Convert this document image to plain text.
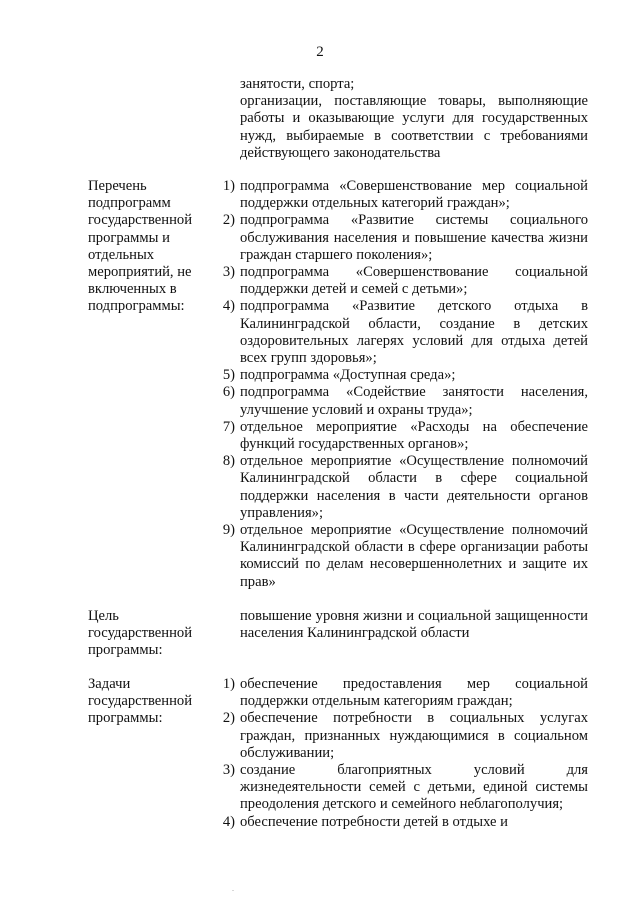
2

занятости, спорта;

организации, поставляющие товары, выполняющие работы и оказывающие услуги для государственных нужд, выбираемые в соответствии с требованиями действующего законодательства

Перечень
подпрограмм
государственной
программы и
отдельных
мероприятий, не
включенных в
подпрограммы:

1) подпрограмма «Совершенствование мер социальной поддержки отдельных категорий граждан»;

2) подпрограмма «Развитие системы социального обслуживания населения и повышение качества жизни граждан старшего поколения»;

3) подпрограмма «Совершенствование социальной поддержки детей и семей с детьми»;

4) подпрограмма «Развитие детского отдыха в Калининградской области, создание в детских оздоровительных лагерях условий для отдыха детей всех групп здоровья»;

5) подпрограмма «Доступная среда»;

6) подпрограмма «Содействие занятости населения, улучшение условий и охраны труда»;

7) отдельное мероприятие «Расходы на обеспечение функций государственных органов»;

8) отдельное мероприятие «Осуществление полномочий Калининградской области в сфере социальной поддержки населения в части деятельности органов управления»;

9) отдельное мероприятие «Осуществление полномочий Калининградской области в сфере организации работы комиссий по делам несовершеннолетних и защите их прав»

Цель
государственной
программы:

повышение уровня жизни и социальной защищенности населения Калининградской области

Задачи
государственной
программы:

1) обеспечение предоставления мер социальной поддержки отдельным категориям граждан;

2) обеспечение потребности в социальных услугах граждан, признанных нуждающимися в социальном обслуживании;

3) создание благоприятных условий для жизнедеятельности семей с детьми, единой системы преодоления детского и семейного неблагополучия;

4) обеспечение потребности детей в отдыхе и

.
